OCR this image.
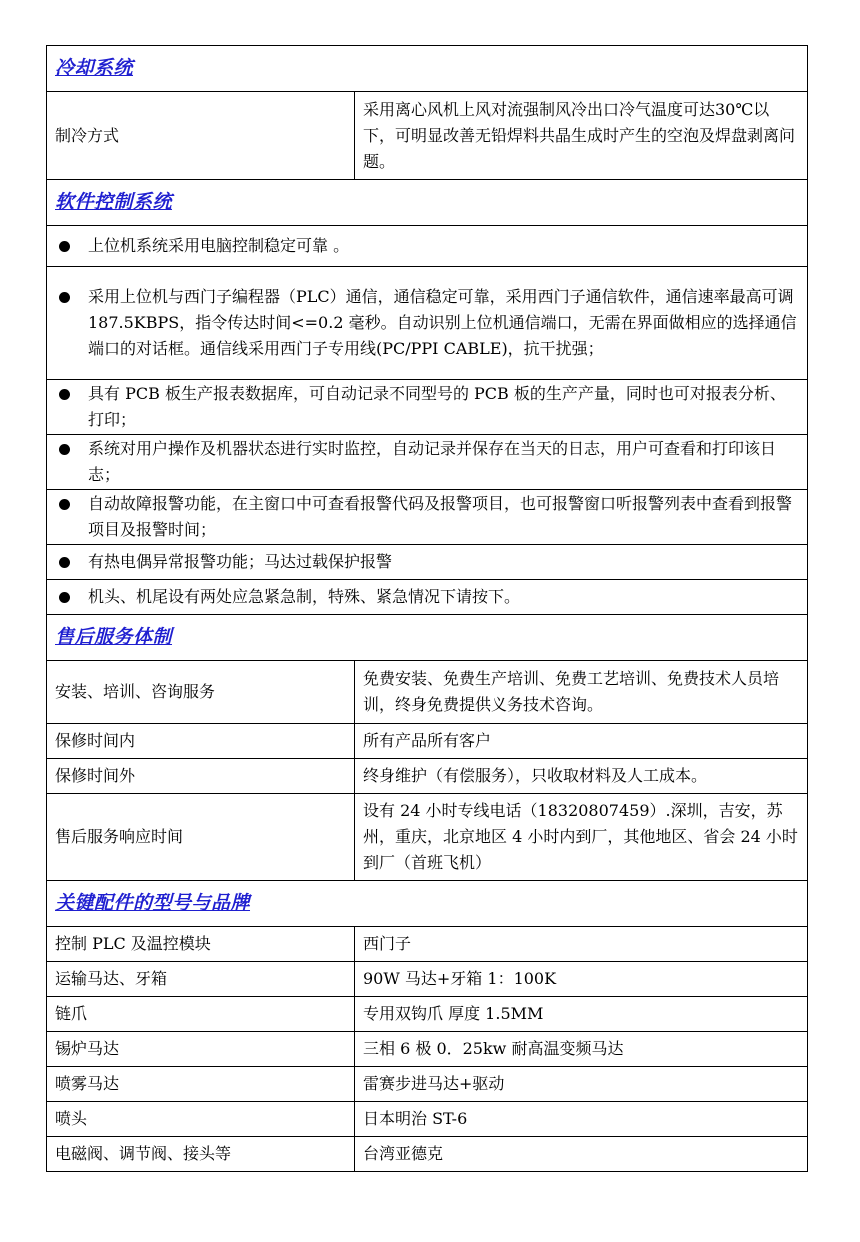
冷却系统	
制冷方式	采用离心风机上风对流强制风冷出口冷气温度可达30℃以下，可明显改善无铅焊料共晶生成时产生的空泡及焊盘剥离问题。
软件控制系统	

上位机系统采用电脑控制稳定可靠 。	

采用上位机与西门子编程器（PLC）通信，通信稳定可靠，采用西门子通信软件，通信速率最高可调 187.5KBPS，指令传达时间<=0.2 毫秒。自动识别上位机通信端口，无需在界面做相应的选择通信端口的对话框。通信线采用西门子专用线(PC/PPI CABLE)，抗干扰强；	

具有 PCB 板生产报表数据库，可自动记录不同型号的 PCB 板的生产产量，同时也可对报表分析、打印；	

系统对用户操作及机器状态进行实时监控，自动记录并保存在当天的日志，用户可查看和打印该日志；	

自动故障报警功能，在主窗口中可查看报警代码及报警项目，也可报警窗口听报警列表中查看到报警项目及报警时间；	

有热电偶异常报警功能；马达过载保护报警	

机头、机尾设有两处应急紧急制，特殊、紧急情况下请按下。	

售后服务体制	
安装、培训、咨询服务	免费安装、免费生产培训、免费工艺培训、免费技术人员培训，终身免费提供义务技术咨询。
保修时间内	所有产品所有客户
保修时间外	终身维护（有偿服务），只收取材料及人工成本。
售后服务响应时间	设有 24 小时专线电话（18320807459）.深圳，吉安，苏州，重庆，北京地区 4 小时内到厂，其他地区、省会 24 小时到厂（首班飞机）
关键配件的型号与品牌	
控制 PLC 及温控模块	西门子
运输马达、牙箱	90W 马达+牙箱 1：100K
链爪	专用双钩爪 厚度 1.5MM
锡炉马达	三相 6 极 0．25kw 耐高温变频马达
喷雾马达	雷赛步进马达+驱动
喷头	日本明治 ST-6
电磁阀、调节阀、接头等	台湾亚德克
